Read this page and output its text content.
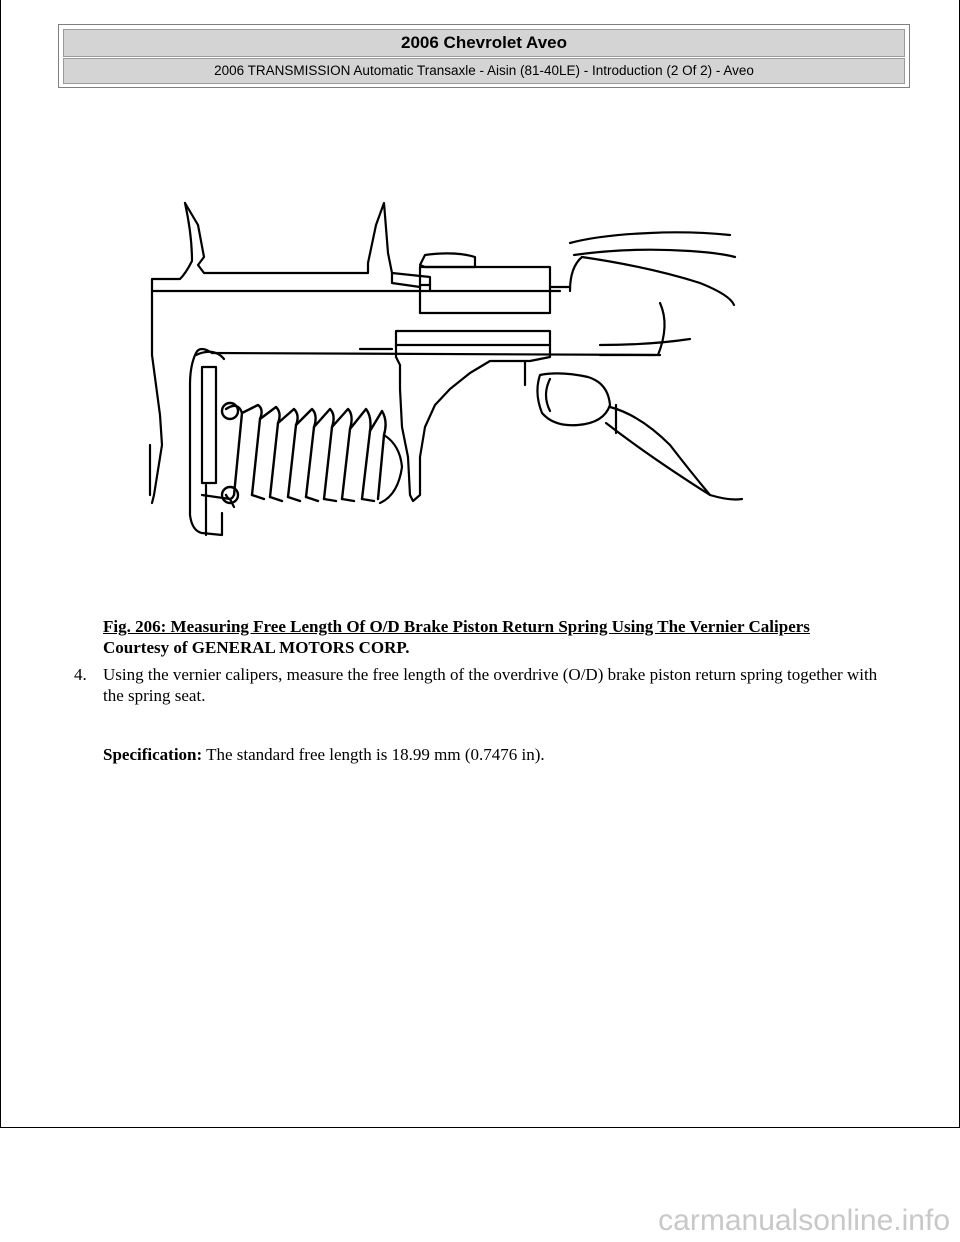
2006 Chevrolet Aveo
2006 TRANSMISSION Automatic Transaxle - Aisin (81-40LE) - Introduction (2 Of 2) - Aveo
Fig. 206: Measuring Free Length Of O/D Brake Piston Return Spring Using The Vernier Calipers
Courtesy of GENERAL MOTORS CORP.
4. Using the vernier calipers, measure the free length of the overdrive (O/D) brake piston return spring together with the spring seat.
Specification: The standard free length is 18.99 mm (0.7476 in).
carmanualsonline.info
